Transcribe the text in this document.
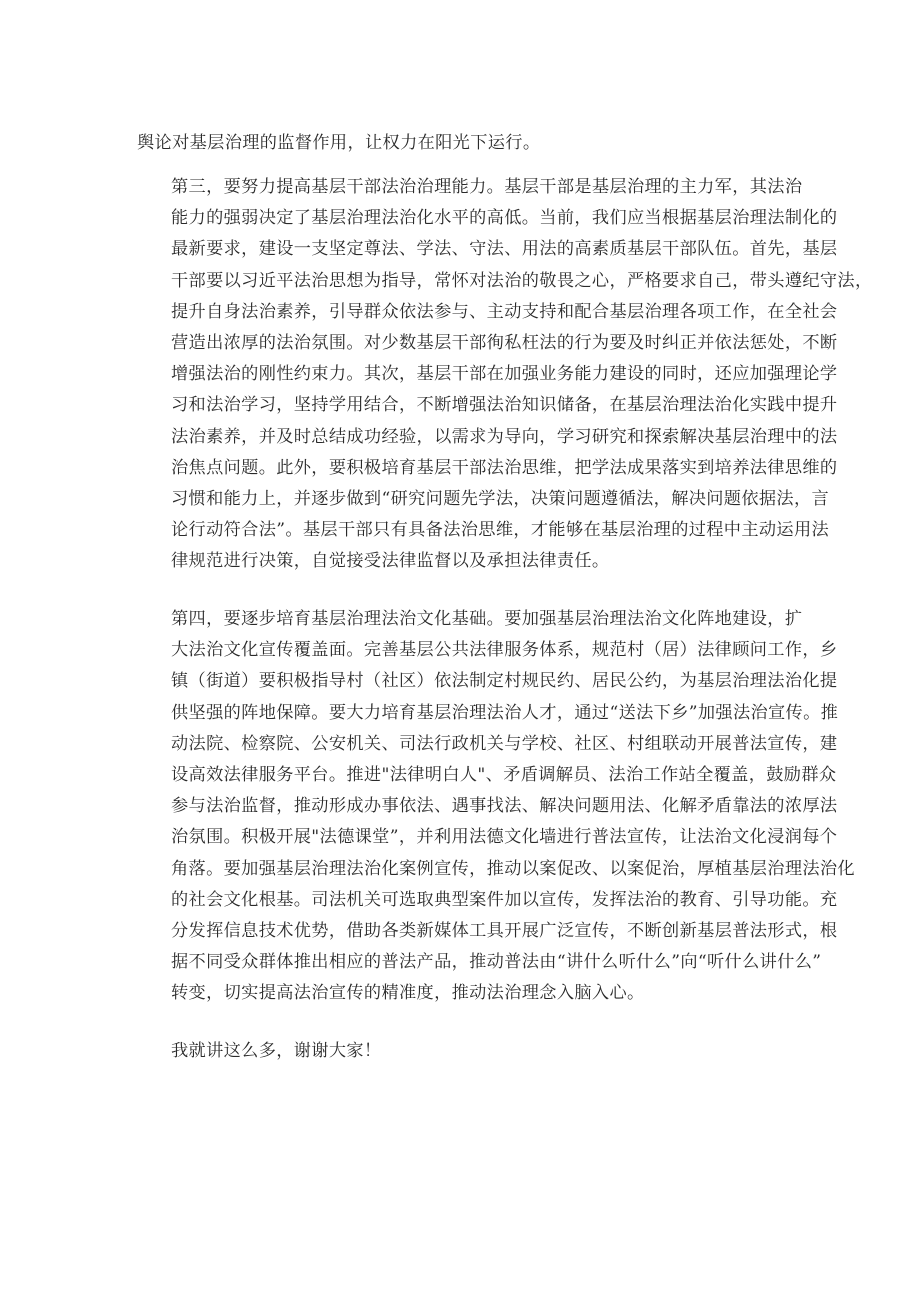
舆论对基层治理的监督作用，让权力在阳光下运行。
第三，要努力提高基层干部法治治理能力。基层干部是基层治理的主力军，其法治
能力的强弱决定了基层治理法治化水平的高低。当前，我们应当根据基层治理法制化的
最新要求，建设一支坚定尊法、学法、守法、用法的高素质基层干部队伍。首先，基层
干部要以习近平法治思想为指导，常怀对法治的敬畏之心，严格要求自己，带头遵纪守法，
提升自身法治素养，引导群众依法参与、主动支持和配合基层治理各项工作，在全社会
营造出浓厚的法治氛围。对少数基层干部徇私枉法的行为要及时纠正并依法惩处，不断
增强法治的刚性约束力。其次，基层干部在加强业务能力建设的同时，还应加强理论学
习和法治学习，坚持学用结合，不断增强法治知识储备，在基层治理法治化实践中提升
法治素养，并及时总结成功经验，以需求为导向，学习研究和探索解决基层治理中的法
治焦点问题。此外，要积极培育基层干部法治思维，把学法成果落实到培养法律思维的
习惯和能力上，并逐步做到“研究问题先学法，决策问题遵循法，解决问题依据法，言
论行动符合法”。基层干部只有具备法治思维，才能够在基层治理的过程中主动运用法
律规范进行决策，自觉接受法律监督以及承担法律责任。
第四，要逐步培育基层治理法治文化基础。要加强基层治理法治文化阵地建设，扩
大法治文化宣传覆盖面。完善基层公共法律服务体系，规范村（居）法律顾问工作，乡
镇（街道）要积极指导村（社区）依法制定村规民约、居民公约，为基层治理法治化提
供坚强的阵地保障。要大力培育基层治理法治人才，通过“送法下乡”加强法治宣传。推
动法院、检察院、公安机关、司法行政机关与学校、社区、村组联动开展普法宣传，建
设高效法律服务平台。推进"法律明白人"、矛盾调解员、法治工作站全覆盖，鼓励群众
参与法治监督，推动形成办事依法、遇事找法、解决问题用法、化解矛盾靠法的浓厚法
治氛围。积极开展"法德课堂”，并利用法德文化墙进行普法宣传，让法治文化浸润每个
角落。要加强基层治理法治化案例宣传，推动以案促改、以案促治，厚植基层治理法治化
的社会文化根基。司法机关可选取典型案件加以宣传，发挥法治的教育、引导功能。充
分发挥信息技术优势，借助各类新媒体工具开展广泛宣传，不断创新基层普法形式，根
据不同受众群体推出相应的普法产品，推动普法由“讲什么听什么”向“听什么讲什么”
转变，切实提高法治宣传的精准度，推动法治理念入脑入心。
我就讲这么多，谢谢大家！
